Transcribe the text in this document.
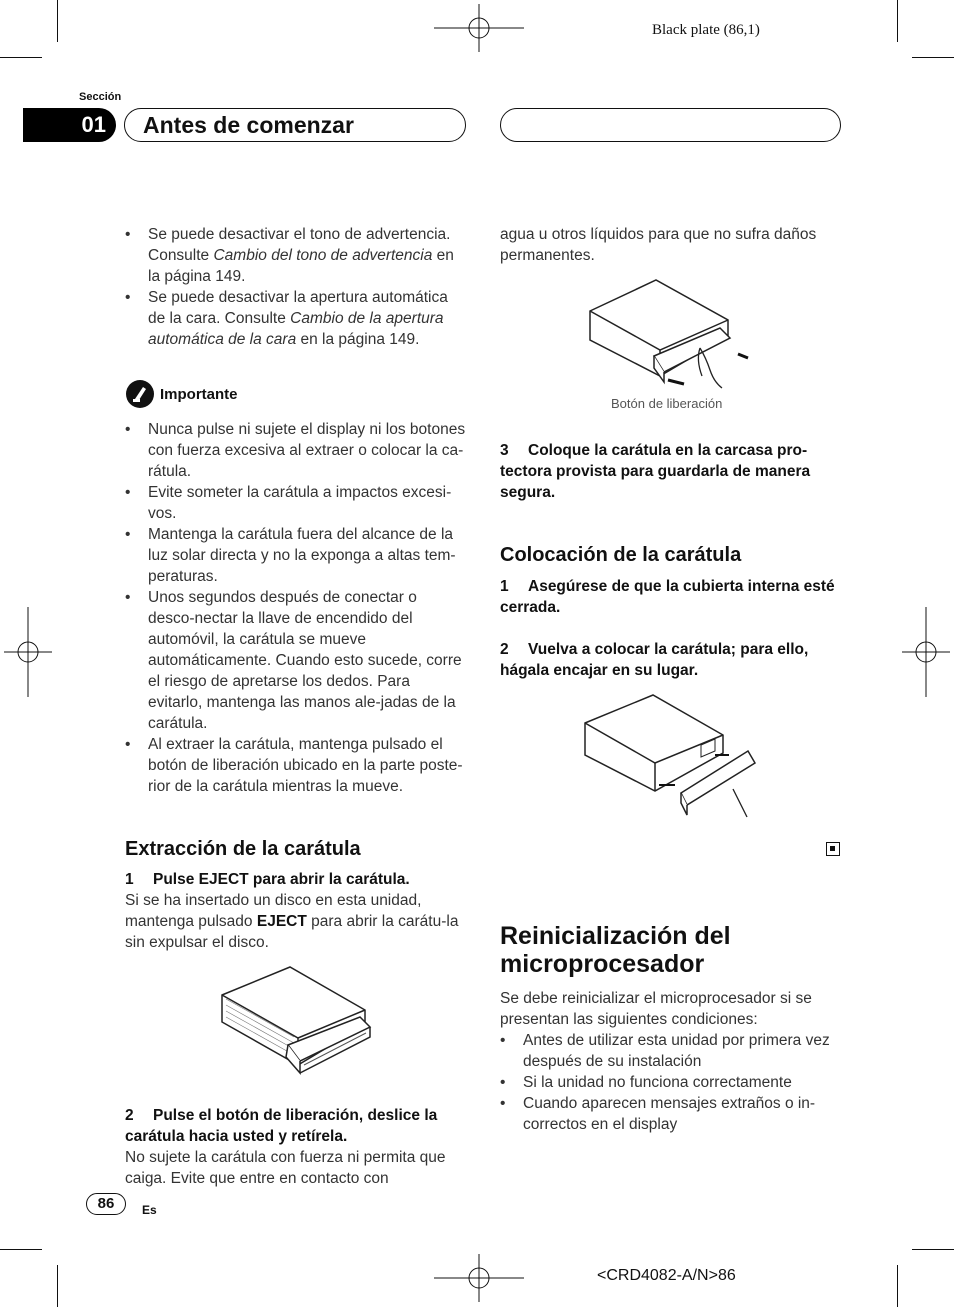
Black plate (86,1)
Sección
01	Antes de comenzar
• Se puede desactivar el tono de advertencia. Consulte Cambio del tono de advertencia en la página 149.
• Se puede desactivar la apertura automática de la cara. Consulte Cambio de la apertura automática de la cara en la página 149.
Importante
• Nunca pulse ni sujete el display ni los botones con fuerza excesiva al extraer o colocar la ca-rátula.
• Evite someter la carátula a impactos excesi-vos.
• Mantenga la carátula fuera del alcance de la luz solar directa y no la exponga a altas tem-peraturas.
• Unos segundos después de conectar o desco-nectar la llave de encendido del automóvil, la carátula se mueve automáticamente. Cuando esto sucede, corre el riesgo de apretarse los dedos. Para evitarlo, mantenga las manos ale-jadas de la carátula.
• Al extraer la carátula, mantenga pulsado el botón de liberación ubicado en la parte poste-rior de la carátula mientras la mueve.
Extracción de la carátula
1 Pulse EJECT para abrir la carátula.
Si se ha insertado un disco en esta unidad, mantenga pulsado EJECT para abrir la carátu-la sin expulsar el disco.
2 Pulse el botón de liberación, deslice la carátula hacia usted y retírela.
No sujete la carátula con fuerza ni permita que caiga. Evite que entre en contacto con
agua u otros líquidos para que no sufra daños permanentes.
Botón de liberación
3 Coloque la carátula en la carcasa pro-tectora provista para guardarla de manera segura.
Colocación de la carátula
1 Asegúrese de que la cubierta interna esté cerrada.
2 Vuelva a colocar la carátula; para ello, hágala encajar en su lugar.
Reinicialización del microprocesador
Se debe reinicializar el microprocesador si se presentan las siguientes condiciones:
• Antes de utilizar esta unidad por primera vez después de su instalación
• Si la unidad no funciona correctamente
• Cuando aparecen mensajes extraños o in-correctos en el display
86	Es
<CRD4082-A/N>86
